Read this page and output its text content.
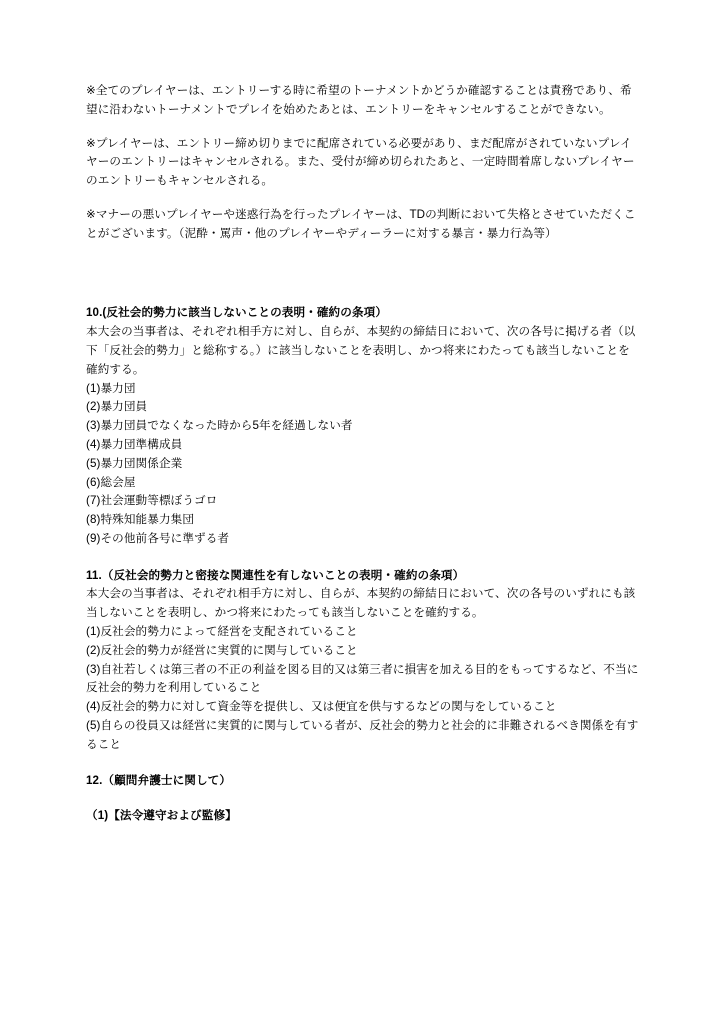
※全てのプレイヤーは、エントリーする時に希望のトーナメントかどうか確認することは責務であり、希望に沿わないトーナメントでプレイを始めたあとは、エントリーをキャンセルすることができない。

※プレイヤーは、エントリー締め切りまでに配席されている必要があり、まだ配席がされていないプレイヤーのエントリーはキャンセルされる。また、受付が締め切られたあと、一定時間着席しないプレイヤーのエントリーもキャンセルされる。

※マナーの悪いプレイヤーや迷惑行為を行ったプレイヤーは、TDの判断において失格とさせていただくことがございます。（泥酔・罵声・他のプレイヤーやディーラーに対する暴言・暴力行為等）

10.(反社会的勢力に該当しないことの表明・確約の条項）

本大会の当事者は、それぞれ相手方に対し、自らが、本契約の締結日において、次の各号に掲げる者（以下「反社会的勢力」と総称する。）に該当しないことを表明し、かつ将来にわたっても該当しないことを確約する。

(1)暴力団
(2)暴力団員
(3)暴力団員でなくなった時から5年を経過しない者
(4)暴力団準構成員
(5)暴力団関係企業
(6)総会屋
(7)社会運動等標ぼうゴロ
(8)特殊知能暴力集団
(9)その他前各号に準ずる者

11.（反社会的勢力と密接な関連性を有しないことの表明・確約の条項）

本大会の当事者は、それぞれ相手方に対し、自らが、本契約の締結日において、次の各号のいずれにも該当しないことを表明し、かつ将来にわたっても該当しないことを確約する。

(1)反社会的勢力によって経営を支配されていること
(2)反社会的勢力が経営に実質的に関与していること
(3)自社若しくは第三者の不正の利益を図る目的又は第三者に損害を加える目的をもってするなど、不当に反社会的勢力を利用していること
(4)反社会的勢力に対して資金等を提供し、又は便宜を供与するなどの関与をしていること
(5)自らの役員又は経営に実質的に関与している者が、反社会的勢力と社会的に非難されるべき関係を有すること

12.（顧問弁護士に関して）

（1)【法令遵守および監修】
